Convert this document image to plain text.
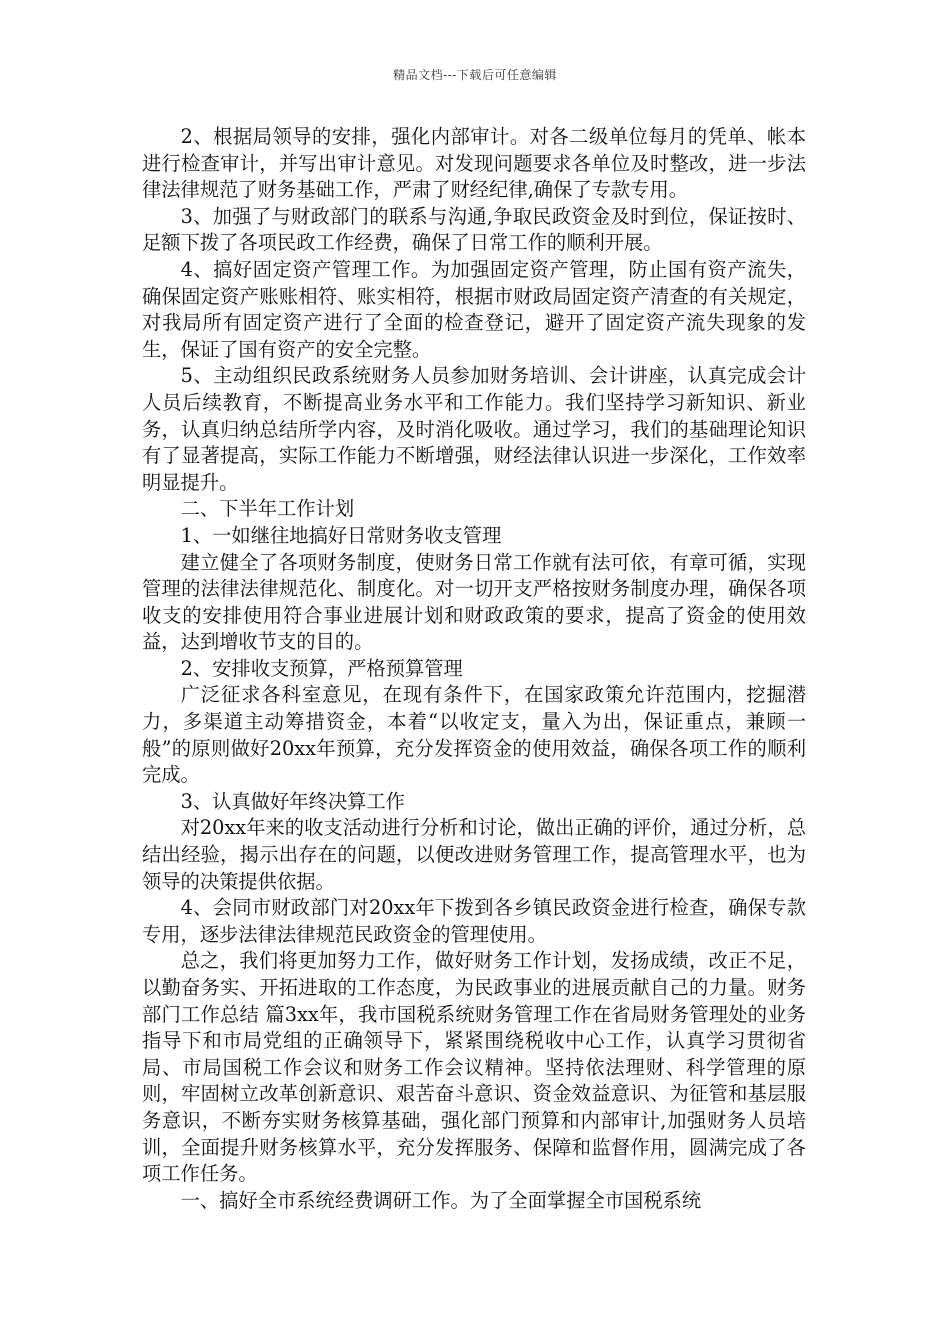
精品文档---下载后可任意编辑

2、根据局领导的安排，强化内部审计。对各二级单位每月的凭单、帐本进行检查审计，并写出审计意见。对发现问题要求各单位及时整改，进一步法律法律规范了财务基础工作，严肃了财经纪律,确保了专款专用。

3、加强了与财政部门的联系与沟通,争取民政资金及时到位，保证按时、足额下拨了各项民政工作经费，确保了日常工作的顺利开展。

4、搞好固定资产管理工作。为加强固定资产管理，防止国有资产流失，确保固定资产账账相符、账实相符，根据市财政局固定资产清查的有关规定，对我局所有固定资产进行了全面的检查登记，避开了固定资产流失现象的发生，保证了国有资产的安全完整。

5、主动组织民政系统财务人员参加财务培训、会计讲座，认真完成会计人员后续教育，不断提高业务水平和工作能力。我们坚持学习新知识、新业务，认真归纳总结所学内容，及时消化吸收。通过学习，我们的基础理论知识有了显著提高，实际工作能力不断增强，财经法律认识进一步深化，工作效率明显提升。

二、下半年工作计划

1、一如继往地搞好日常财务收支管理

建立健全了各项财务制度，使财务日常工作就有法可依，有章可循，实现管理的法律法律规范化、制度化。对一切开支严格按财务制度办理，确保各项收支的安排使用符合事业进展计划和财政政策的要求，提高了资金的使用效益，达到增收节支的目的。

2、安排收支预算，严格预算管理

广泛征求各科室意见，在现有条件下，在国家政策允许范围内，挖掘潜力，多渠道主动筹措资金，本着“以收定支，量入为出，保证重点，兼顾一般”的原则做好20xx年预算，充分发挥资金的使用效益，确保各项工作的顺利完成。

3、认真做好年终决算工作

对20xx年来的收支活动进行分析和讨论，做出正确的评价，通过分析，总结出经验，揭示出存在的问题，以便改进财务管理工作，提高管理水平，也为领导的决策提供依据。

4、会同市财政部门对20xx年下拨到各乡镇民政资金进行检查，确保专款专用，逐步法律法律规范民政资金的管理使用。

总之，我们将更加努力工作，做好财务工作计划，发扬成绩，改正不足，以勤奋务实、开拓进取的工作态度，为民政事业的进展贡献自己的力量。财务部门工作总结 篇3xx年，我市国税系统财务管理工作在省局财务管理处的业务指导下和市局党组的正确领导下，紧紧围绕税收中心工作，认真学习贯彻省局、市局国税工作会议和财务工作会议精神。坚持依法理财、科学管理的原则，牢固树立改革创新意识、艰苦奋斗意识、资金效益意识、为征管和基层服务意识，不断夯实财务核算基础，强化部门预算和内部审计,加强财务人员培训，全面提升财务核算水平，充分发挥服务、保障和监督作用，圆满完成了各项工作任务。

一、搞好全市系统经费调研工作。为了全面掌握全市国税系统
